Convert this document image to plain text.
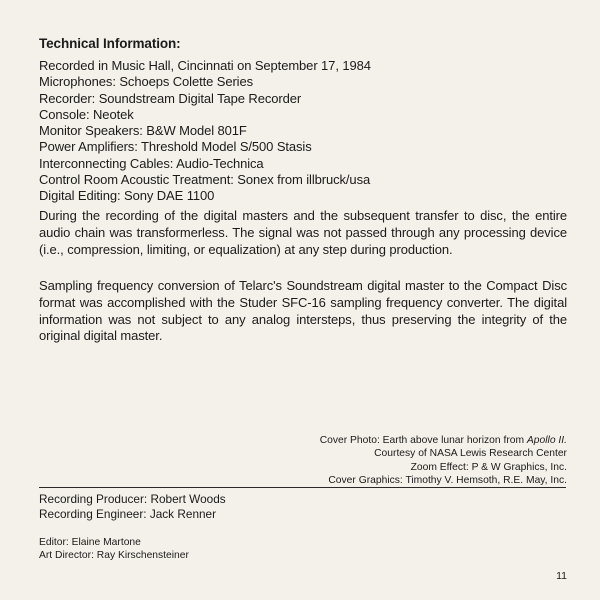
Technical Information:
Recorded in Music Hall, Cincinnati on September 17, 1984
Microphones: Schoeps Colette Series
Recorder: Soundstream Digital Tape Recorder
Console: Neotek
Monitor Speakers: B&W Model 801F
Power Amplifiers: Threshold Model S/500 Stasis
Interconnecting Cables: Audio-Technica
Control Room Acoustic Treatment: Sonex from illbruck/usa
Digital Editing: Sony DAE 1100
During the recording of the digital masters and the subsequent transfer to disc, the entire audio chain was transformerless. The signal was not passed through any processing device (i.e., compression, limiting, or equalization) at any step during production.
Sampling frequency conversion of Telarc's Soundstream digital master to the Compact Disc format was accomplished with the Studer SFC-16 sampling frequency converter. The digital information was not subject to any analog intersteps, thus preserving the integrity of the original digital master.
Cover Photo: Earth above lunar horizon from Apollo II.
Courtesy of NASA Lewis Research Center
Zoom Effect: P & W Graphics, Inc.
Cover Graphics: Timothy V. Hemsoth, R.E. May, Inc.
Recording Producer: Robert Woods
Recording Engineer: Jack Renner
Editor: Elaine Martone
Art Director: Ray Kirschensteiner
11
